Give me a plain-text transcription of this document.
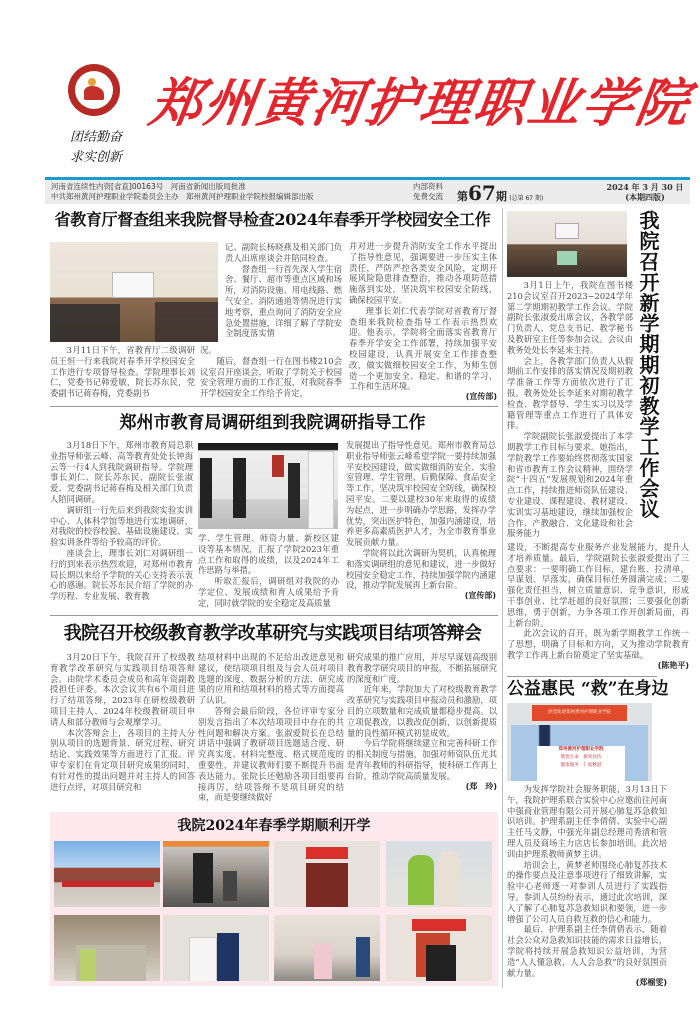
团结勤奋
求实创新
郑州黄河护理职业学院
河南省连续性内资[省直]00163号　河南省新闻出版局批准
中共郑州黄河护理职业学院委员会主办　郑州黄河护理职业学院校报编辑部出版
内部资料
免费交流 第67期 (总第 67 期)
2024 年 3 月 30 日
(本期四版)
省教育厅督查组来我院督导检查2024年春季开学校园安全工作

3月11日下午，省教育厅二级调研员王恒一行来我院对春季开学校园安全工作进行专项督导检查。学院理事长刘仁，党委书记韩爱敏，院长苏东民，党委副书记蒋春梅，党委副书

记、副院长杨晓燕及相关部门负责人出席座谈会并陪同检查。

督查组一行首先深入学生宿舍、餐厅、超市等重点区域和场所，对消防设施、用电线路、燃气安全、消防通道等情况进行实地考察，重点询问了消防安全应急处置措施，详细了解了学院安全制度落实情

况。

随后，督查组一行在图书楼210会议室召开座谈会，听取了学院关于校园安全管理方面的工作汇报，对我院春季开学校园安全工作给予肯定，

并对进一步提升消防安全工作水平提出了指导性意见，强调要进一步压实主体责任，严防严控各类安全风险，定期开展风险隐患排查整治，推动各项防范措施落到实处，坚决筑牢校园安全防线，确保校园平安。

理事长刘仁代表学院对省教育厅督查组来我院检查指导工作表示热烈欢迎。他表示，学院将全面落实省教育厅春季开学安全工作部署，持续加强平安校园建设，认真开展安全工作排查整改，做实做细校园安全工作，为师生创造一个更加安全、稳定、和谐的学习、工作和生活环境。

(宣传部)
郑州市教育局调研组到我院调研指导工作

3月18日下午，郑州市教育局总职业指导师张云峰、高等教育处处长钟海云等一行4人到我院调研指导。学院理事长刘仁、院长苏东民、副院长张淑爱、党委副书记蒋春梅及相关部门负责人陪同调研。

调研组一行先后来到我院实验实训中心、人体科学馆等地进行实地调研，对我院的校容校貌、基础设施建设、实验实训条件等给予较高的评价。

座谈会上，理事长刘仁对调研组一行的到来表示热烈欢迎，对郑州市教育局长期以来给予学院的关心支持表示衷心的感谢。院长苏东民介绍了学院的办学历程、专业发展、教育教

学、学生管理、师资力量、新校区建设等基本情况，汇报了学院2023年重点工作和取得的成绩，以及2024年工作思路与举措。

听取汇报后，调研组对我院的办学定位、发展成绩和育人成果给予肯定，同时就学院的安全稳定及高质量

发展提出了指导性意见。郑州市教育局总职业指导师张云峰希望学院一要持续加强平安校园建设，做实做细消防安全、实验室管理、学生管理、后勤保障、食品安全等工作，坚决筑牢校园安全防线，确保校园平安。二要以建校30年来取得的成绩为起点，进一步明确办学思路，发挥办学优势，突出医护特色，加强内涵建设，培养更多高素质医护人才，为全市教育事业发展贡献力量。

学院将以此次调研为契机，认真梳理和落实调研组的意见和建议，进一步做好校园安全稳定工作，持续加强学院内涵建设，推动学院发展再上新台阶。

(宣传部)
我院召开校级教育教学改革研究与实践项目结项答辩会

3月20日下午，我院召开了校级教育教学改革研究与实践项目结项答辩会。由院学术委员会成员和高年资副教授担任评委。本次会议共有6个项目进行了结项答辩，2023年在研校级教研项目主持人、2024年校级教研项目申请人和部分教师与会观摩学习。

本次答辩会上，各项目的主持人分别从项目的选题背景、研究过程、研究结论、实践效果等方面进行了汇报。评审专家们在肯定项目研究成果的同时，有针对性的提出问题并对主持人的回答进行点评，对项目研究和

结项材料中出现的不足给出改进意见和建议，使结项项目组及与会人员对项目选题的深度、数据分析的方法、研究成果的应用和结项材料的格式等方面提高了认识。

答辩会最后阶段，各位评审专家分别发言指出了本次结项项目中存在的共性问题和解决方案。张淑爱院长在总结讲话中强调了教研项目选题适合度、研究真实度、材料完整度、格式规范度的重要性，并建议教师们要不断提升书面表达能力。张院长还勉励各项目组要再接再厉，结项答辩不是项目研究的结束，而是要继续做好

研究成果的推广应用，并尽早谋划高级别教育教学研究项目的申报，不断拓展研究的深度和广度。

近年来，学院加大了对校级教育教学改革研究与实践项目申报动员和激励，项目的立项数量和完成质量都稳步提高。以立项促教改，以教改促创新，以创新提质量的良性循环模式初显成效。

今后学院将继续建立和完善科研工作的相关制度与措施，加强对师资队伍尤其是青年教师的科研指导，使科研工作再上台阶，推动学院高质量发展。

(郑　玲)
我院2024年春季学期顺利开学
我院召开新学期期初教学工作会议

3月1日上午，我院在图书楼210会议室召开2023−2024学年第二学期期初教学工作会议。学院副院长张淑爱出席会议，各教学部门负责人、党总支书记、教学秘书及教研室主任等参加会议。会议由教务处处长李延来主持。

会上，各教学部门负责人从假期前工作安排的落实情况及期初教学准备工作等方面依次进行了汇报。教务处处长李延来对期初教学检查、教学督导、学生实习以及学籍管理等重点工作进行了具体安排。

学院副院长张淑爱提出了本学期教学工作目标与要求。她指出，学院教学工作要始终贯彻落实国家和省市教育工作会议精神，围绕学院“十四五”发展规划和2024年重点工作，持续推进师资队伍建设、专业建设、课程建设、教材建设、实训实习基地建设，继续加强校企合作、产教融合、文化建设和社会服务能力

建设，不断提高专业服务产业发展能力，提升人才培养质量。最后，学院副院长张淑爱提出了三点要求：一要明确工作目标，建台账、拉清单，早谋划、早落实，确保目标任务圆满完成；二要强化责任担当，树立质量意识、竞争意识，形成干事创业、比学赶超的良好氛围；三要强化创新思维，勇于创新，力争各项工作开创新局面，再上新台阶。

此次会议的召开，既为新学期教学工作统一了思想，明确了目标和方向，又为推动学院教育教学工作再上新台阶奠定了坚实基础。

(陈艳平)
公益惠民 “救”在身边
热烈欢迎郑州黄河护理职业学院
郑州黄河护理职业学院
敬畏生命　救死扶伤
健康服务　仁爱精湛

为发挥学院社会服务职能，3月13日下午，我院护理系联合实验中心应邀前往河南中强商业管理有限公司开展心肺复苏急救知识培训。护理系副主任李倩倩、实验中心副主任马文静，中强光年副总经理司秀清和管理人员及商场主力店店长参加培训。此次培训由护理系教师黄梦主讲。

培训会上，黄梦老师围绕心肺复苏技术的操作要点及注意事项进行了细致讲解，实验中心老师逐一对参训人员进行了实践指导。参训人员纷纷表示，通过此次培训，深入了解了心肺复苏急救知识和要领，进一步增强了公司人员自救互救的信心和能力。

最后，护理系副主任李倩倩表示，随着社会公众对急救知识技能的需求日益增长，学院将持续开展急救知识公益培训，为营造“人人懂急救，人人会急救”的良好氛围贡献力量。

(郑榴雯)
